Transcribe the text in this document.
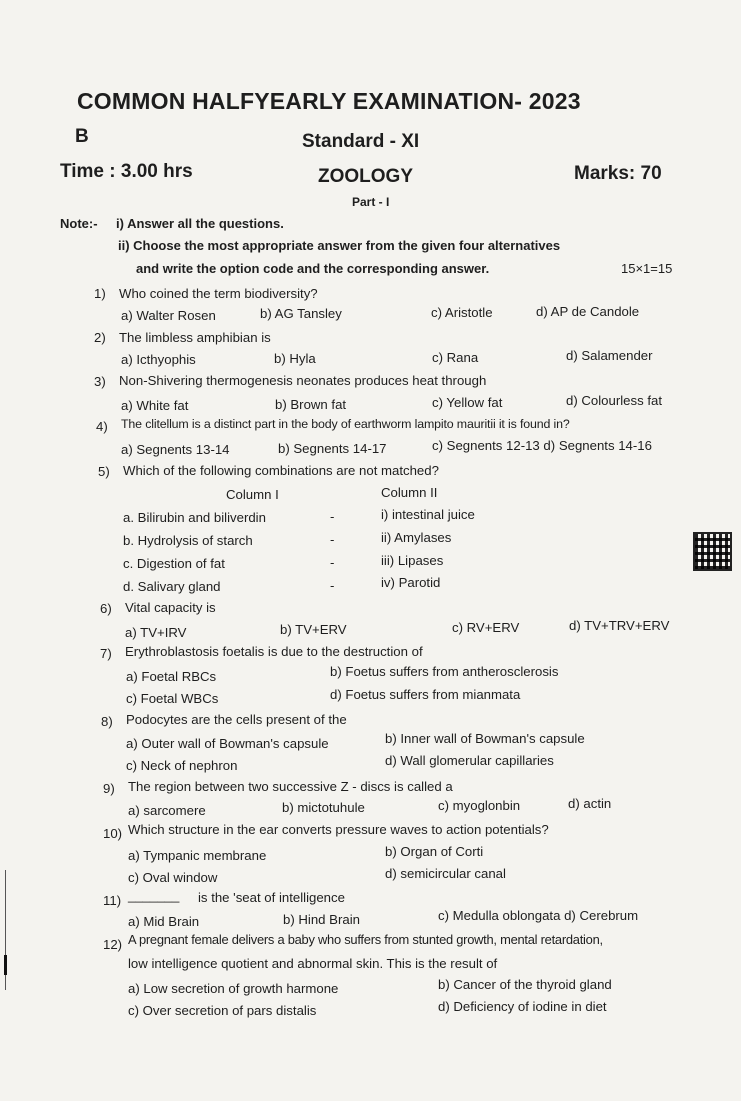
COMMON HALFYEARLY EXAMINATION- 2023
B	Standard - XI
Time : 3.00 hrs	ZOOLOGY	Marks: 70
Part - I
Note:- i) Answer all the questions.
ii) Choose the most appropriate answer from the given four alternatives
and write the option code and the corresponding answer.	15×1=15
1) Who coined the term biodiversity?
a) Walter Rosen	b) AG Tansley	c) Aristotle	d) AP de Candole
2) The limbless amphibian is
a) Icthyophis	b) Hyla	c) Rana	d) Salamender
3) Non-Shivering thermogenesis neonates produces heat through
a) White fat	b) Brown fat	c) Yellow fat	d) Colourless fat
4) The clitellum is a distinct part in the body of earthworm lampito mauritii it is found in?
a) Segnents 13-14	b) Segnents 14-17	c) Segnents 12-13 d) Segnents 14-16
5) Which of the following combinations are not matched?
Column I	Column II
a. Bilirubin and biliverdin	-	i) intestinal juice
b. Hydrolysis of starch	-	ii) Amylases
c. Digestion of fat	-	iii) Lipases
d. Salivary gland	-	iv) Parotid
6) Vital capacity is
a) TV+IRV	b) TV+ERV	c) RV+ERV	d) TV+TRV+ERV
7) Erythroblastosis foetalis is due to the destruction of
a) Foetal RBCs	b) Foetus suffers from antherosclerosis
c) Foetal WBCs	d) Foetus suffers from mianmata
8) Podocytes are the cells present of the
a) Outer wall of Bowman's capsule	b) Inner wall of Bowman's capsule
c) Neck of nephron	d) Wall glomerular capillaries
9) The region between two successive Z - discs is called a
a) sarcomere	b) mictotuhule	c) myoglonbin	d) actin
10) Which structure in the ear converts pressure waves to action potentials?
a) Tympanic membrane	b) Organ of Corti
c) Oval window	d) semicircular canal
11) _______ is the 'seat of intelligence
a) Mid Brain	b) Hind Brain	c) Medulla oblongata d) Cerebrum
12) A pregnant female delivers a baby who suffers from stunted growth, mental retardation,
low intelligence quotient and abnormal skin. This is the result of
a) Low secretion of growth harmone	b) Cancer of the thyroid gland
c) Over secretion of pars distalis	d) Deficiency of iodine in diet
